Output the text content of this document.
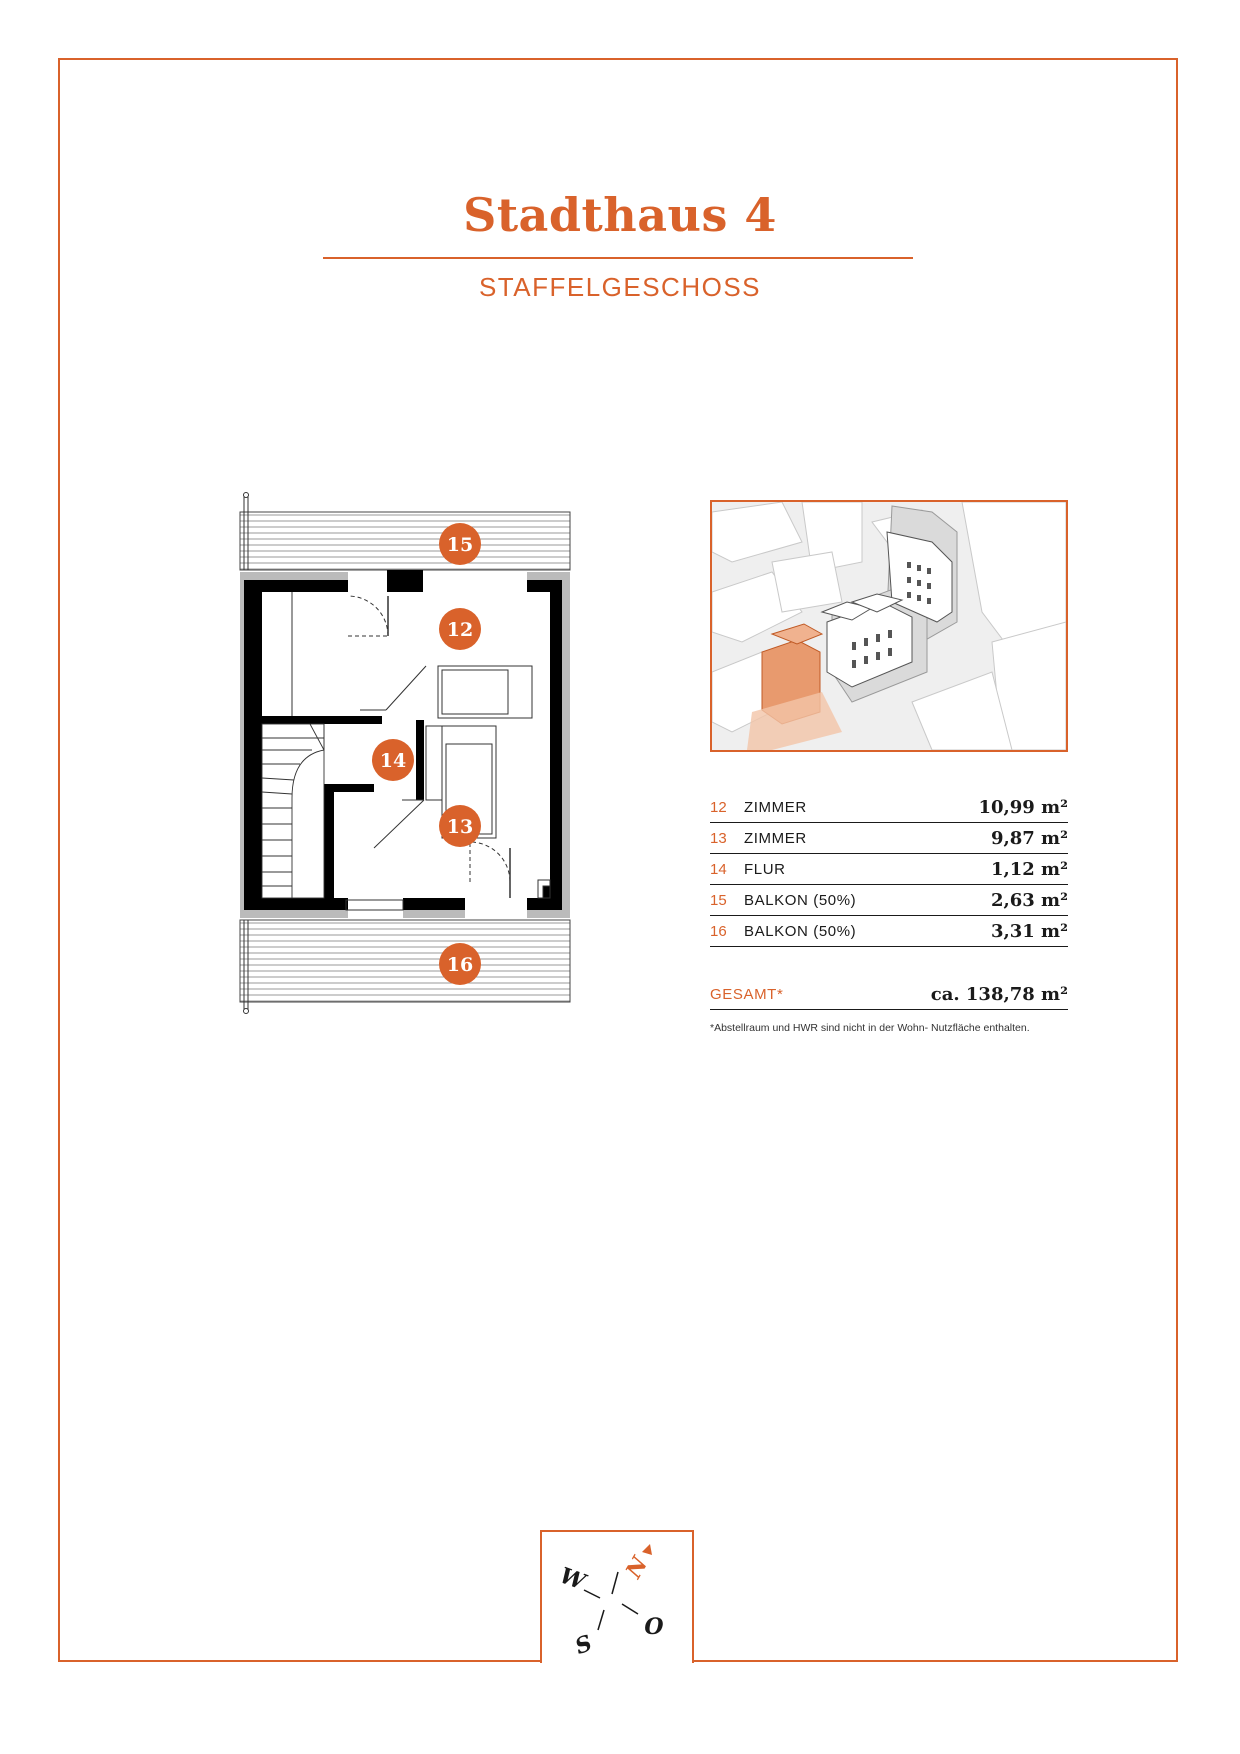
Stadthaus 4
STAFFELGESCHOSS
15
12
14
13
16
12	ZIMMER	10,99 m²
13	ZIMMER	9,87 m²
14	FLUR	1,12 m²
15	BALKON (50%)	2,63 m²
16	BALKON (50%)	3,31 m²
GESAMT*	ca. 138,78 m²
*Abstellraum und HWR sind nicht in der Wohn- Nutzfläche enthalten.
N
W
S
O
